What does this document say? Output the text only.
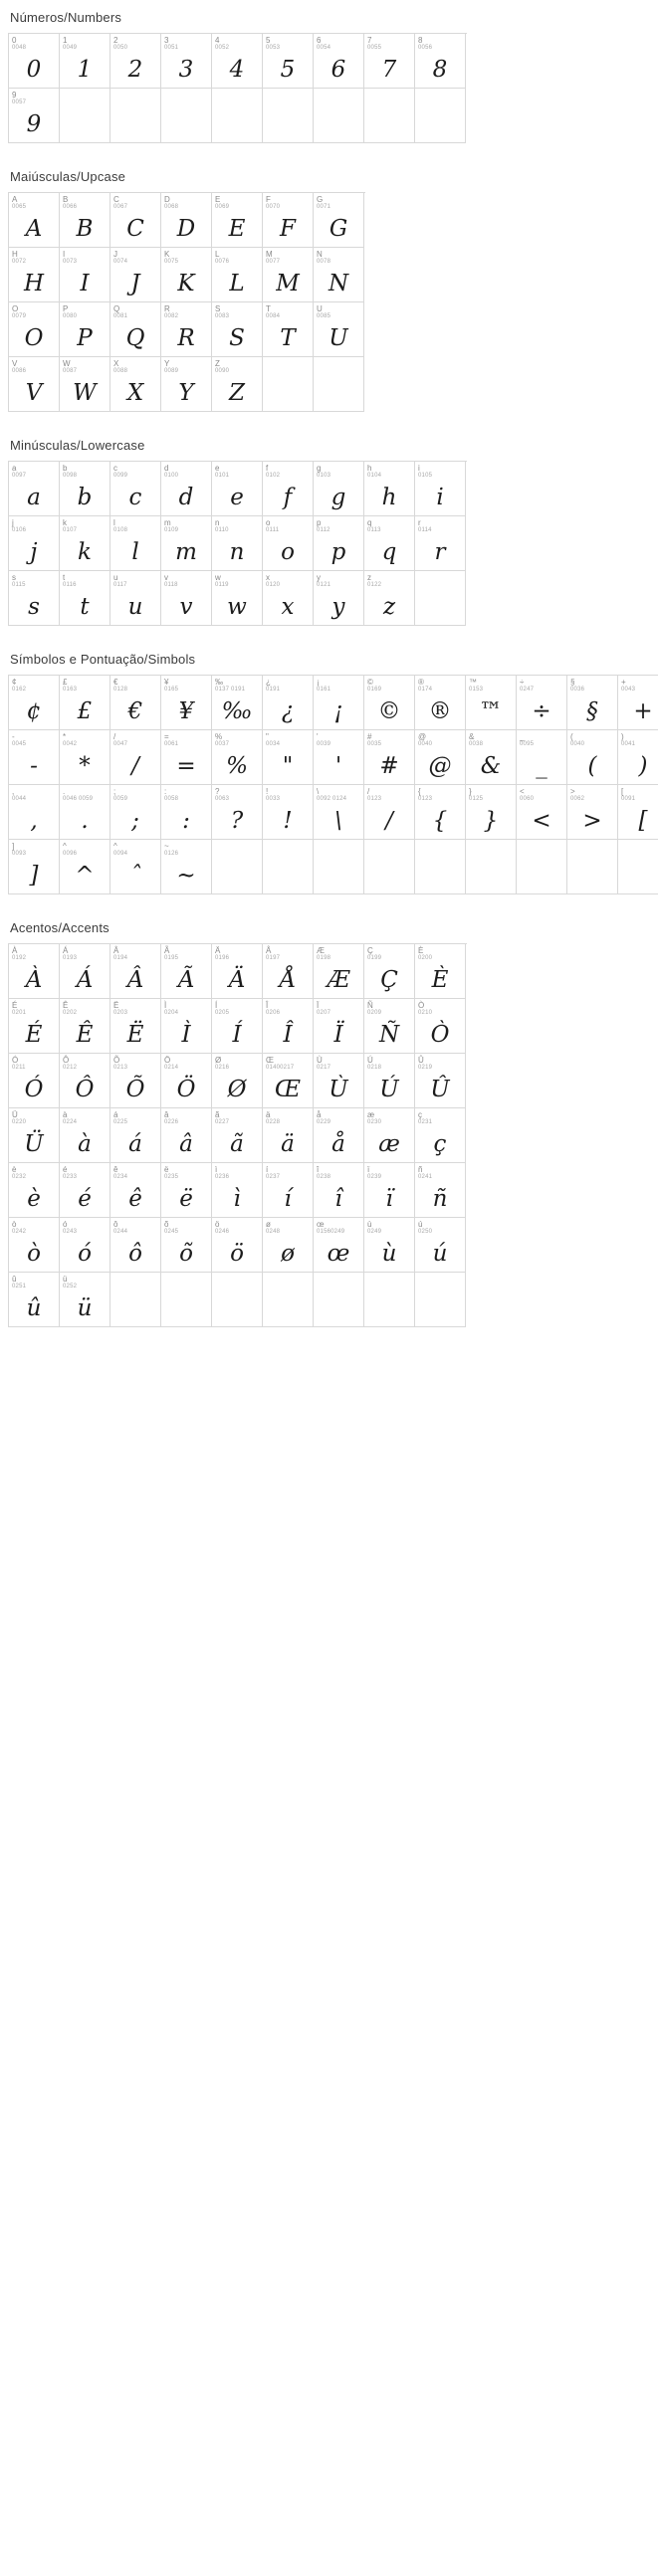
Números/Numbers
0
0048
0
1
0049
1
2
0050
2
3
0051
3
4
0052
4
5
0053
5
6
0054
6
7
0055
7
8
0056
8
9
0057
9
Maiúsculas/Upcase
A
0065
A
B
0066
B
C
0067
C
D
0068
D
E
0069
E
F
0070
F
G
0071
G
H
0072
H
I
0073
I
J
0074
J
K
0075
K
L
0076
L
M
0077
M
N
0078
N
O
0079
O
P
0080
P
Q
0081
Q
R
0082
R
S
0083
S
T
0084
T
U
0085
U
V
0086
V
W
0087
W
X
0088
X
Y
0089
Y
Z
0090
Z
Minúsculas/Lowercase
a
0097
a
b
0098
b
c
0099
c
d
0100
d
e
0101
e
f
0102
f
g
0103
g
h
0104
h
i
0105
i
j
0106
j
k
0107
k
l
0108
l
m
0109
m
n
0110
n
o
0111
o
p
0112
p
q
0113
q
r
0114
r
s
0115
s
t
0116
t
u
0117
u
v
0118
v
w
0119
w
x
0120
x
y
0121
y
z
0122
z
Símbolos e Pontuação/Simbols
¢
0162
¢
£
0163
£
€
0128
€
¥
0165
¥
‰
0137 0191
‰
¿
0191
¿
¡
0161
¡
©
0169
©
®
0174
®
™
0153
™
÷
0247
÷
§
0036
§
+
0043
+
-
0045
-
*
0042
*
/
0047
/
=
0061
=
%
0037
%
"
0034
"
'
0039
'
#
0035
#
@
0040
@
&
0038
&
_
0095
_
(
0040
(
)
0041
)
,
0044
,
.
0046 0059
.
;
0059
;
:
0058
:
?
0063
?
!
0033
!
\
0092 0124
\
/
0123
/
{
0123
{
}
0125
}
<
0060
<
>
0062
>
[
0091
[
]
0093
]
^
0096
^
^
0094
ˆ
~
0126
~
Acentos/Accents
À
0192
À
Á
0193
Á
Â
0194
Â
Ã
0195
Ã
Ä
0196
Ä
Å
0197
Å
Æ
0198
Æ
Ç
0199
Ç
È
0200
È
É
0201
É
Ê
0202
Ê
Ë
0203
Ë
Ì
0204
Ì
Í
0205
Í
Î
0206
Î
Ï
0207
Ï
Ñ
0209
Ñ
Ò
0210
Ò
Ó
0211
Ó
Ô
0212
Ô
Õ
0213
Õ
Ö
0214
Ö
Ø
0216
Ø
Œ
01400217
Œ
Ù
0217
Ù
Ú
0218
Ú
Û
0219
Û
Ü
0220
Ü
à
0224
à
á
0225
á
â
0226
â
ã
0227
ã
ä
0228
ä
å
0229
å
æ
0230
æ
ç
0231
ç
è
0232
è
é
0233
é
ê
0234
ê
ë
0235
ë
ì
0236
ì
í
0237
í
î
0238
î
ï
0239
ï
ñ
0241
ñ
ò
0242
ò
ó
0243
ó
ô
0244
ô
õ
0245
õ
ö
0246
ö
ø
0248
ø
œ
01560249
œ
ù
0249
ù
ú
0250
ú
û
0251
û
ü
0252
ü
